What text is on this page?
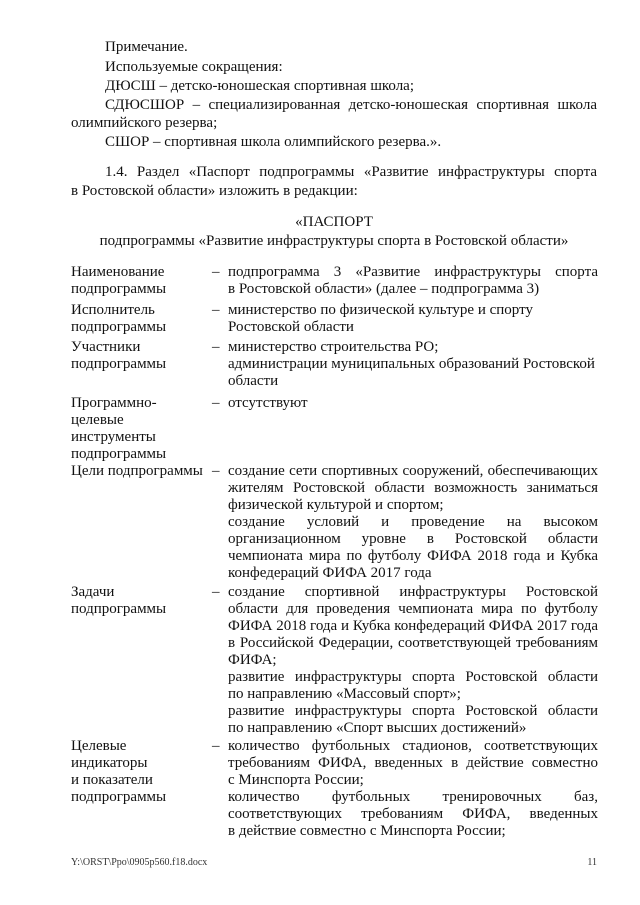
Примечание.
Используемые сокращения:
ДЮСШ – детско-юношеская спортивная школа;
СДЮСШОР – специализированная детско-юношеская спортивная школа
олимпийского резерва;
СШОР – спортивная школа олимпийского резерва.».
1.4. Раздел «Паспорт подпрограммы «Развитие инфраструктуры спорта
в Ростовской области» изложить в редакции:
«ПАСПОРТ
подпрограммы «Развитие инфраструктуры спорта в Ростовской области»
Наименование
подпрограммы
– подпрограмма 3 «Развитие инфраструктуры спорта
в Ростовской области» (далее – подпрограмма 3)
Исполнитель
подпрограммы
– министерство по физической культуре и спорту
Ростовской области
Участники
подпрограммы
– министерство строительства РО;
администрации муниципальных образований Ростовской
области
Программно-
целевые
инструменты
подпрограммы
– отсутствуют
Цели подпрограммы – создание сети спортивных сооружений, обеспечивающих
жителям Ростовской области возможность заниматься
физической культурой и спортом;
создание условий и проведение на высоком
организационном уровне в Ростовской области
чемпионата мира по футболу ФИФА 2018 года и Кубка
конфедераций ФИФА 2017 года
Задачи
подпрограммы
– создание спортивной инфраструктуры Ростовской
области для проведения чемпионата мира по футболу
ФИФА 2018 года и Кубка конфедераций ФИФА 2017 года
в Российской Федерации, соответствующей требованиям
ФИФА;
развитие инфраструктуры спорта Ростовской области
по направлению «Массовый спорт»;
развитие инфраструктуры спорта Ростовской области
по направлению «Спорт высших достижений»
Целевые
индикаторы
и показатели
подпрограммы
– количество футбольных стадионов, соответствующих
требованиям ФИФА, введенных в действие совместно
с Минспорта России;
количество футбольных тренировочных баз,
соответствующих требованиям ФИФА, введенных
в действие совместно с Минспорта России;
Y:\ORST\Ppo\0905p560.f18.docx	11
